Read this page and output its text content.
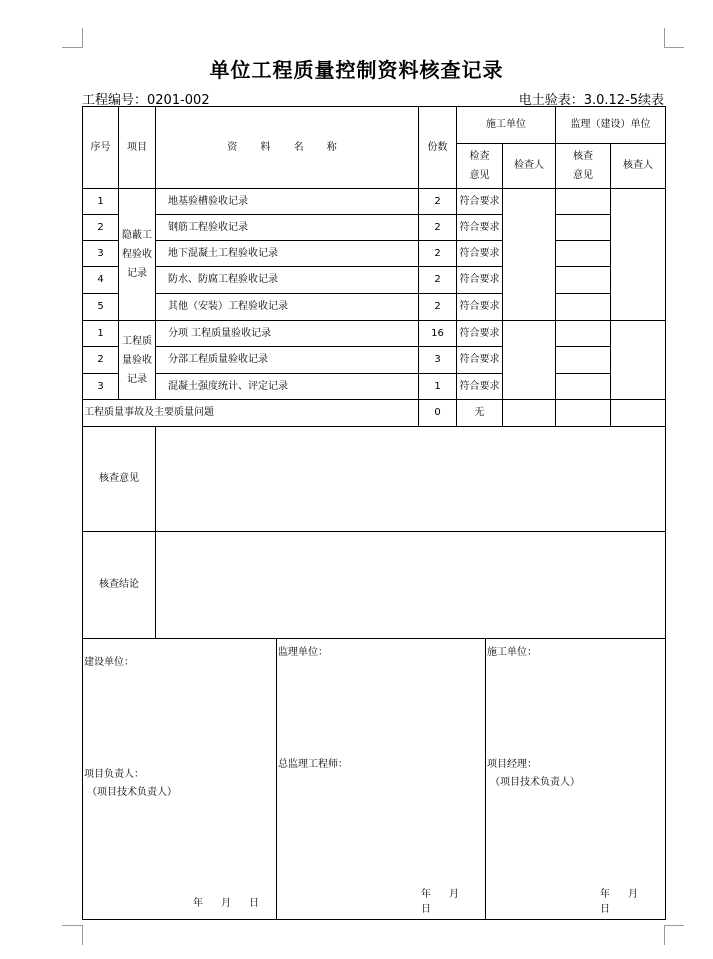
单位工程质量控制资料核查记录
工程编号：0201-002	电土验表：3.0.12-5续表
序号	项目	资 料 名 称	份数	施工单位		监理（建设）单位	

				检查意见	检查人	核查意见	核查人
1	隐蔽工程验收记录	地基验槽验收记录	2	符合要求			
2		钢筋工程验收记录	2	符合要求			
3		地下混凝土工程验收记录	2	符合要求			
4		防水、防腐工程验收记录	2	符合要求			
5		其他（安装）工程验收记录	2	符合要求			
1	工程质量验收记录	分项 工程质量验收记录	16	符合要求			
2		分部工程质量验收记录	3	符合要求			
3		混凝土强度统计、评定记录	1	符合要求			
工程质量事故及主要质量问题			0	无			
核查意见							
核查结论							
建设单位：
项目负责人：
（项目技术负责人）
年 月 日

监理单位：
总监理工程师：
年 月日

施工单位：
项目经理：
（项目技术负责人）
年 月日
